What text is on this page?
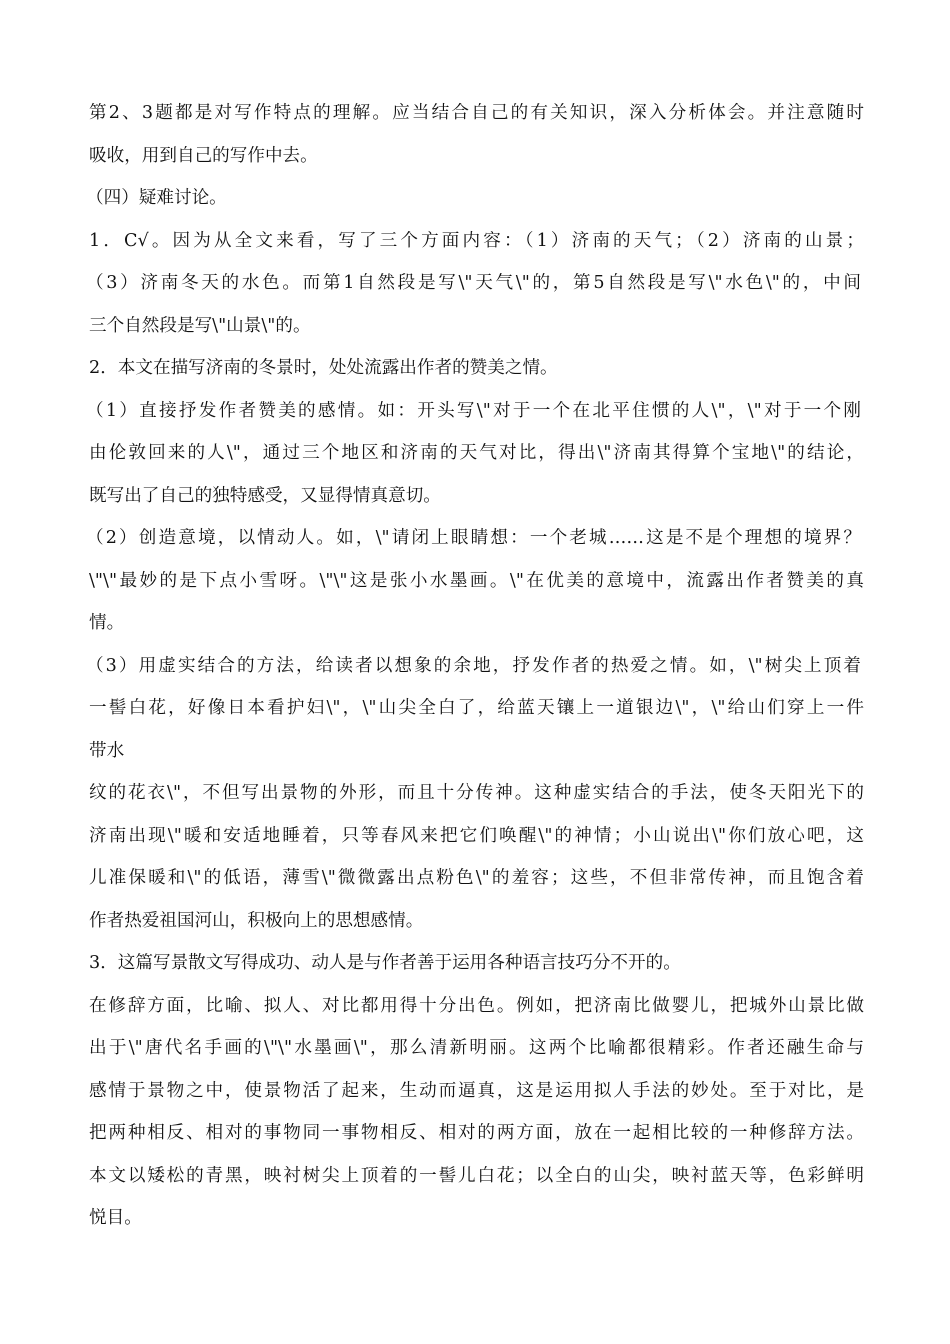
第2、3题都是对写作特点的理解。应当结合自己的有关知识，深入分析体会。并注意随时
吸收，用到自己的写作中去。
（四）疑难讨论。
1．C√。因为从全文来看，写了三个方面内容：（1）济南的天气；（2）济南的山景；
（3）济南冬天的水色。而第1自然段是写\"天气\"的，第5自然段是写\"水色\"的，中间
三个自然段是写\"山景\"的。
2．本文在描写济南的冬景时，处处流露出作者的赞美之情。
（1）直接抒发作者赞美的感情。如：开头写\"对于一个在北平住惯的人\"，\"对于一个刚
由伦敦回来的人\"，通过三个地区和济南的天气对比，得出\"济南其得算个宝地\"的结论，
既写出了自己的独特感受，又显得情真意切。
（2）创造意境，以情动人。如，\"请闭上眼睛想：一个老城……这是不是个理想的境界？
\"\"最妙的是下点小雪呀。\"\"这是张小水墨画。\"在优美的意境中，流露出作者赞美的真
情。
（3）用虚实结合的方法，给读者以想象的余地，抒发作者的热爱之情。如，\"树尖上顶着
一髻白花，好像日本看护妇\"，\"山尖全白了，给蓝天镶上一道银边\"，\"给山们穿上一件
带水
纹的花衣\"，不但写出景物的外形，而且十分传神。这种虚实结合的手法，使冬天阳光下的
济南出现\"暖和安适地睡着，只等春风来把它们唤醒\"的神情；小山说出\"你们放心吧，这
儿准保暖和\"的低语，薄雪\"微微露出点粉色\"的羞容；这些，不但非常传神，而且饱含着
作者热爱祖国河山，积极向上的思想感情。
3．这篇写景散文写得成功、动人是与作者善于运用各种语言技巧分不开的。
在修辞方面，比喻、拟人、对比都用得十分出色。例如，把济南比做婴儿，把城外山景比做
出于\"唐代名手画的\"\"水墨画\"，那么清新明丽。这两个比喻都很精彩。作者还融生命与
感情于景物之中，使景物活了起来，生动而逼真，这是运用拟人手法的妙处。至于对比，是
把两种相反、相对的事物同一事物相反、相对的两方面，放在一起相比较的一种修辞方法。
本文以矮松的青黑，映衬树尖上顶着的一髻儿白花；以全白的山尖，映衬蓝天等，色彩鲜明
悦目。
